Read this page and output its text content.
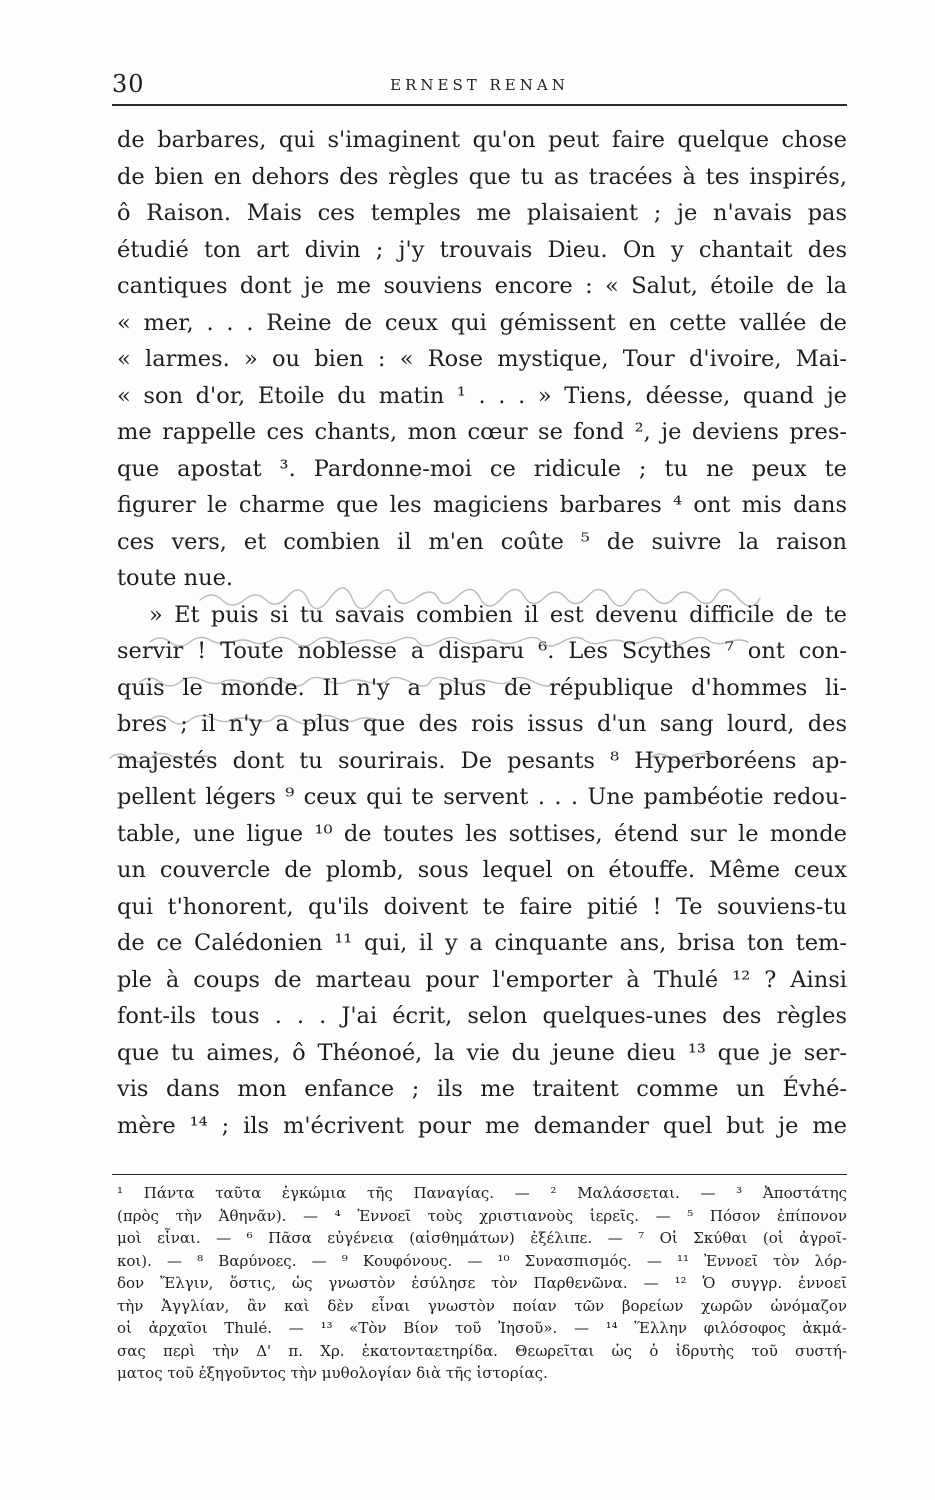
30	ERNEST RENAN
de barbares, qui s'imaginent qu'on peut faire quelque chose
de bien en dehors des règles que tu as tracées à tes inspirés,
ô Raison. Mais ces temples me plaisaient ; je n'avais pas
étudié ton art divin ; j'y trouvais Dieu. On y chantait des
cantiques dont je me souviens encore : « Salut, étoile de la
« mer, . . . Reine de ceux qui gémissent en cette vallée de
« larmes. » ou bien : « Rose mystique, Tour d'ivoire, Mai-
« son d'or, Etoile du matin ¹ . . . » Tiens, déesse, quand je
me rappelle ces chants, mon cœur se fond ², je deviens pres-
que apostat ³. Pardonne-moi ce ridicule ; tu ne peux te
figurer le charme que les magiciens barbares ⁴ ont mis dans
ces vers, et combien il m'en coûte ⁵ de suivre la raison
toute nue.
» Et puis si tu savais combien il est devenu difficile de te
servir ! Toute noblesse a disparu ⁶. Les Scythes ⁷ ont con-
quis le monde. Il n'y a plus de république d'hommes li-
bres ; il n'y a plus que des rois issus d'un sang lourd, des
majestés dont tu sourirais. De pesants ⁸ Hyperboréens ap-
pellent légers ⁹ ceux qui te servent . . . Une pambéotie redou-
table, une ligue ¹⁰ de toutes les sottises, étend sur le monde
un couvercle de plomb, sous lequel on étouffe. Même ceux
qui t'honorent, qu'ils doivent te faire pitié ! Te souviens-tu
de ce Calédonien ¹¹ qui, il y a cinquante ans, brisa ton tem-
ple à coups de marteau pour l'emporter à Thulé ¹² ? Ainsi
font-ils tous . . . J'ai écrit, selon quelques-unes des règles
que tu aimes, ô Théonoé, la vie du jeune dieu ¹³ que je ser-
vis dans mon enfance ; ils me traitent comme un Évhé-
mère ¹⁴ ; ils m'écrivent pour me demander quel but je me
¹ Πάντα ταῦτα ἐγκώμια τῆς Παναγίας. — ² Μαλάσσεται. — ³ Ἀποστάτης
(πρὸς τὴν Ἀθηνᾶν). — ⁴ Ἐννοεῖ τοὺς χριστιανοὺς ἱερεῖς. — ⁵ Πόσον ἐπίπονον
μοὶ εἶναι. — ⁶ Πᾶσα εὐγένεια (αἰσθημάτων) ἐξέλιπε. — ⁷ Οἱ Σκύθαι (οἱ ἀγροῖ-
κοι). — ⁸ Βαρύνοες. — ⁹ Κουφόνους. — ¹⁰ Συνασπισμός. — ¹¹ Ἐννοεῖ τὸν λόρ-
δον Ἔλγιν, ὅστις, ὡς γνωστὸν ἐσύλησε τὸν Παρθενῶνα. — ¹² Ὁ συγγρ. ἐννοεῖ
τὴν Ἀγγλίαν, ἂν καὶ δὲν εἶναι γνωστὸν ποίαν τῶν βορείων χωρῶν ὠνόμαζον
οἱ ἀρχαῖοι Thulé. — ¹³ «Τὸν Βίον τοῦ Ἰησοῦ». — ¹⁴ Ἕλλην φιλόσοφος ἀκμά-
σας περὶ τὴν Δ' π. Χρ. ἑκατονταετηρίδα. Θεωρεῖται ὡς ὁ ἱδρυτὴς τοῦ συστή-
ματος τοῦ ἐξηγοῦντος τὴν μυθολογίαν διὰ τῆς ἱστορίας.
